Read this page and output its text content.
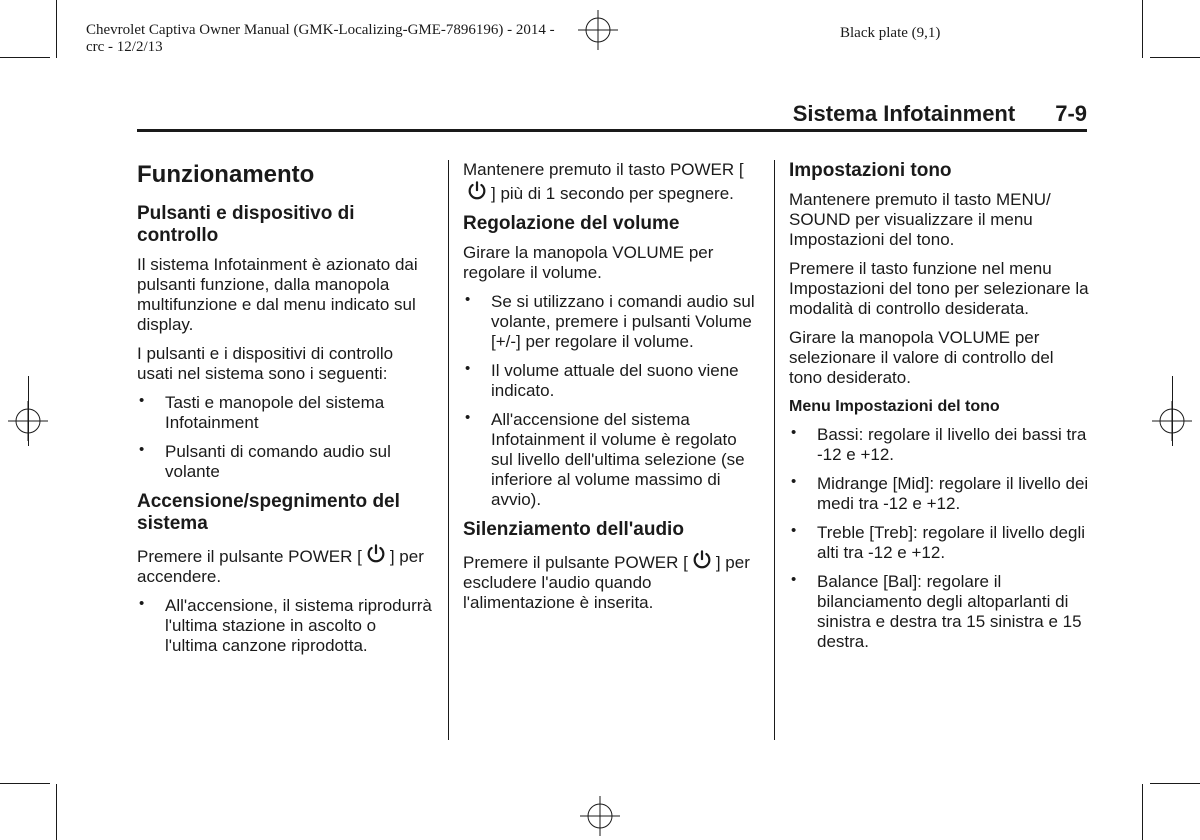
Chevrolet Captiva Owner Manual (GMK-Localizing-GME-7896196) - 2014 -
crc - 12/2/13
Black plate (9,1)
Sistema Infotainment 7-9
Funzionamento
Pulsanti e dispositivo di controllo

Il sistema Infotainment è azionato dai pulsanti funzione, dalla manopola multifunzione e dal menu indicato sul display.

I pulsanti e i dispositivi di controllo usati nel sistema sono i seguenti:

• Tasti e manopole del sistema Infotainment
• Pulsanti di comando audio sul volante
Accensione/spegnimento del sistema

Premere il pulsante POWER [ ] per accendere.

• All'accensione, il sistema riprodurrà l'ultima stazione in ascolto o l'ultima canzone riprodotta.

Mantenere premuto il tasto POWER [] più di 1 secondo per spegnere.

Regolazione del volume

Girare la manopola VOLUME per regolare il volume.

• Se si utilizzano i comandi audio sul volante, premere i pulsanti Volume [+/-] per regolare il volume.
• Il volume attuale del suono viene indicato.
• All'accensione del sistema Infotainment il volume è regolato sul livello dell'ultima selezione (se inferiore al volume massimo di avvio).
Silenziamento dell'audio

Premere il pulsante POWER [ ] per escludere l'audio quando l'alimentazione è inserita.

Impostazioni tono

Mantenere premuto il tasto MENU/ SOUND per visualizzare il menu Impostazioni del tono.

Premere il tasto funzione nel menu Impostazioni del tono per selezionare la modalità di controllo desiderata.

Girare la manopola VOLUME per selezionare il valore di controllo del tono desiderato.

Menu Impostazioni del tono
• Bassi: regolare il livello dei bassi tra -12 e +12.
• Midrange [Mid]: regolare il livello dei medi tra -12 e +12.
• Treble [Treb]: regolare il livello degli alti tra -12 e +12.
• Balance [Bal]: regolare il bilanciamento degli altoparlanti di sinistra e destra tra 15 sinistra e 15 destra.
